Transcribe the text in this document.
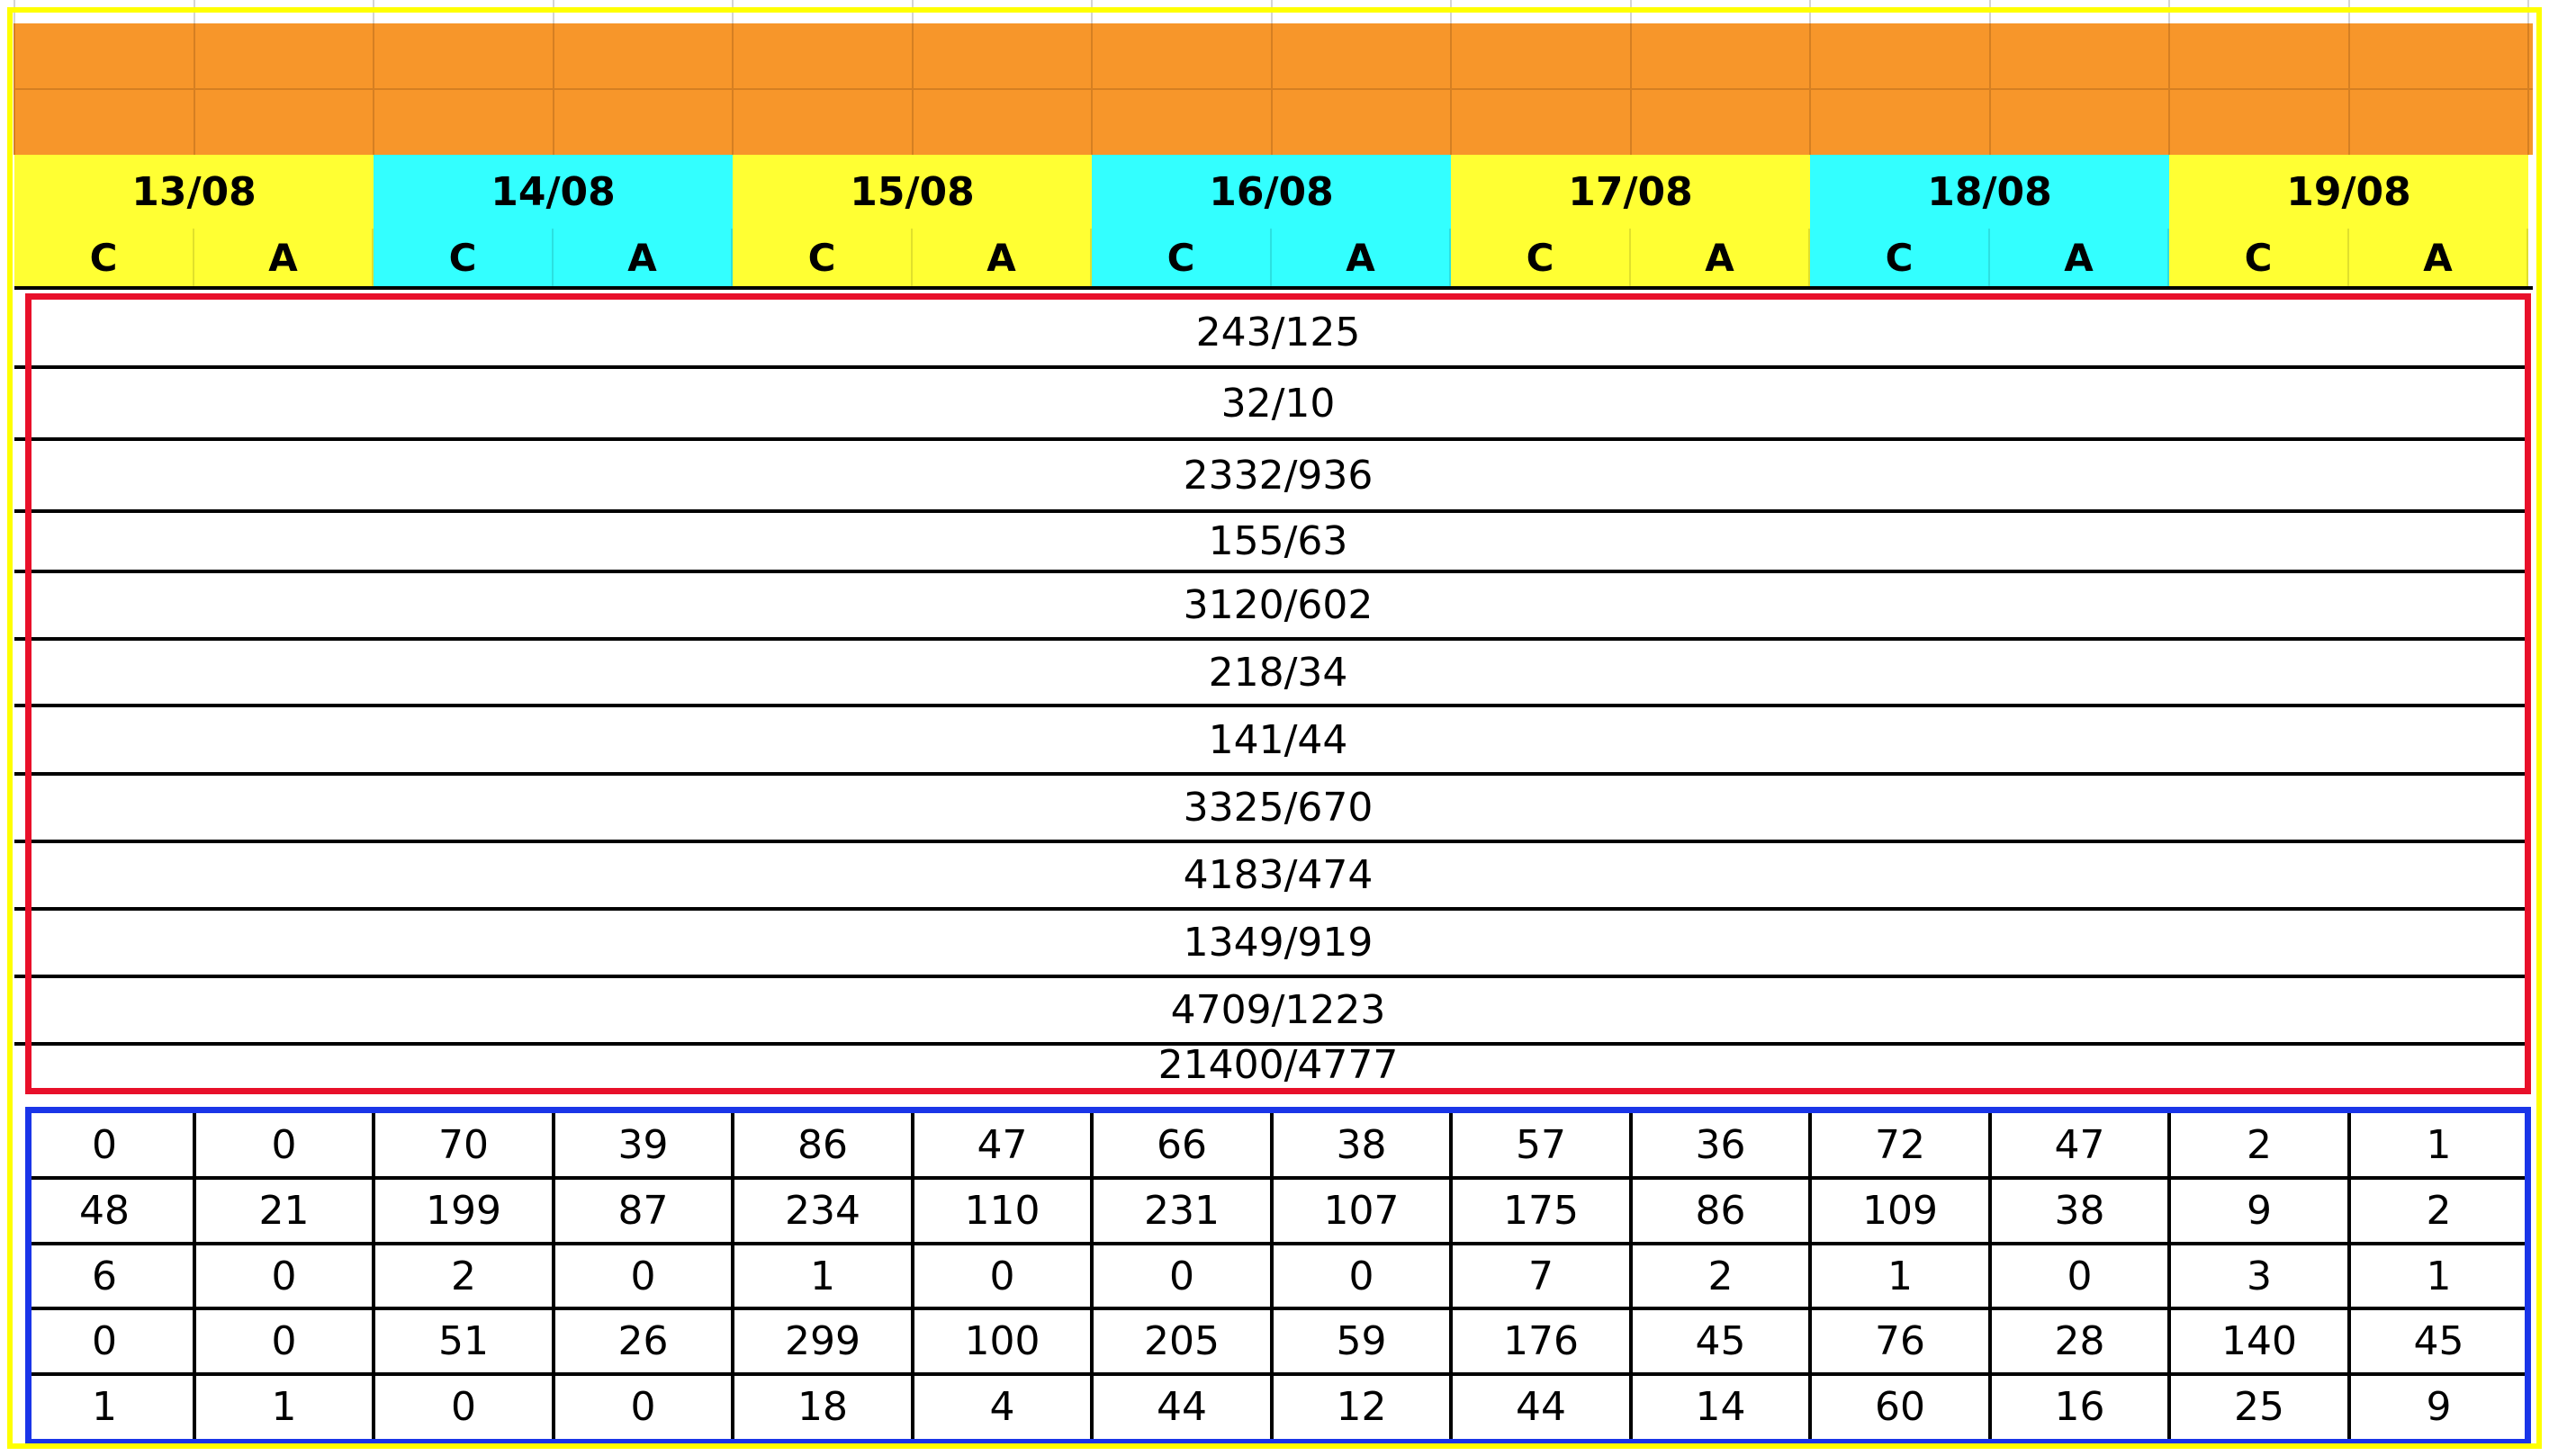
13/08	14/08	15/08	16/08	17/08	18/08	19/08
C	A	C	A	C	A	C	A	C	A	C	A	C	A
243/125
32/10
2332/936
155/63
3120/602
218/34
141/44
3325/670
4183/474
1349/919
4709/1223
21400/4777
0	0	70	39	86	47	66	38	57	36	72	47	2	1
48	21	199	87	234	110	231	107	175	86	109	38	9	2
6	0	2	0	1	0	0	0	7	2	1	0	3	1
0	0	51	26	299	100	205	59	176	45	76	28	140	45
1	1	0	0	18	4	44	12	44	14	60	16	25	9
